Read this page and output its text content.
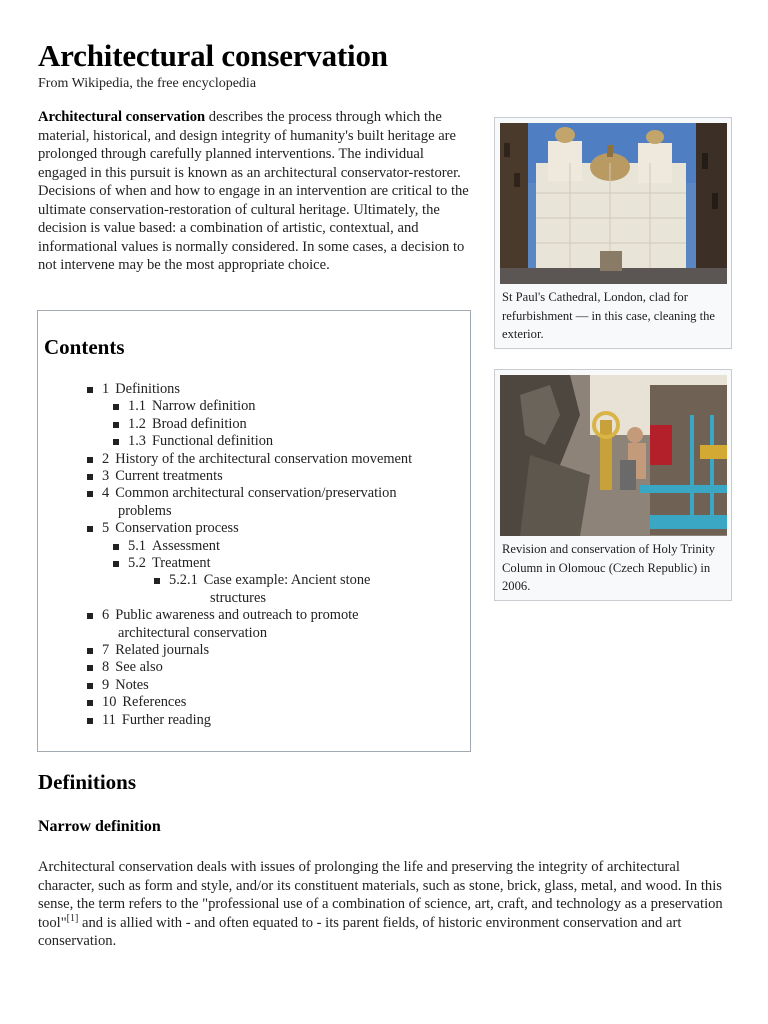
Architectural conservation
From Wikipedia, the free encyclopedia

Architectural conservation describes the process through which the material, historical, and design integrity of humanity's built heritage are prolonged through carefully planned interventions. The individual engaged in this pursuit is known as an architectural conservator-restorer. Decisions of when and how to engage in an intervention are critical to the ultimate conservation-restoration of cultural heritage. Ultimately, the decision is value based: a combination of artistic, contextual, and informational values is normally considered. In some cases, a decision to not intervene may be the most appropriate choice.

St Paul's Cathedral, London, clad for refurbishment — in this case, cleaning the exterior.
Revision and conservation of Holy Trinity Column in Olomouc (Czech Republic) in 2006.
Contents
1 Definitions
1.1 Narrow definition
1.2 Broad definition
1.3 Functional definition
2 History of the architectural conservation movement
3 Current treatments
4 Common architectural conservation/preservation
problems
5 Conservation process
5.1 Assessment
5.2 Treatment
5.2.1 Case example: Ancient stone
structures
6 Public awareness and outreach to promote
architectural conservation
7 Related journals
8 See also
9 Notes
10 References
11 Further reading
Definitions
Narrow definition

Architectural conservation deals with issues of prolonging the life and preserving the integrity of architectural character, such as form and style, and/or its constituent materials, such as stone, brick, glass, metal, and wood. In this sense, the term refers to the "professional use of a combination of science, art, craft, and technology as a preservation tool"[1] and is allied with - and often equated to - its parent fields, of historic environment conservation and art conservation.
